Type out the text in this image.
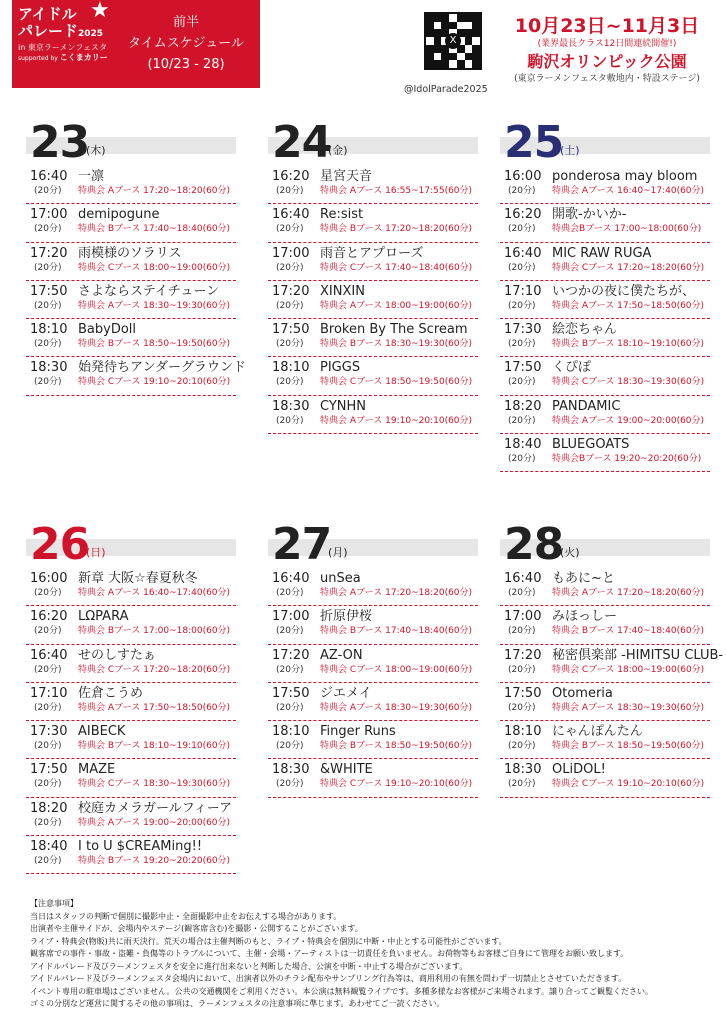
アイドル
パレード2025
in 東京ラーメンフェスタ
supported by こくまカリー
★	前半
タイムスケジュール
(10/23 - 28)
X
@IdolParade2025
10月23日~11月3日
(業界最長クラス12日間連続開催!)
駒沢オリンピック公園
(東京ラーメンフェスタ敷地内・特設ステージ)
23
(木)
16:40
(20分)
一凛
特典会 Aブース 17:20~18:20(60分)
17:00
(20分)
demipogune
特典会 Bブース 17:40~18:40(60分)
17:20
(20分)
雨模様のソラリス
特典会 Cブース 18:00~19:00(60分)
17:50
(20分)
さよならステイチューン
特典会 Aブース 18:30~19:30(60分)
18:10
(20分)
BabyDoll
特典会 Bブース 18:50~19:50(60分)
18:30
(20分)
始発待ちアンダーグラウンド
特典会 Cブース 19:10~20:10(60分)
24
(金)
16:20
(20分)
星宮天音
特典会 Aブース 16:55~17:55(60分)
16:40
(20分)
Re:sist
特典会 Bブース 17:20~18:20(60分)
17:00
(20分)
雨音とアプローズ
特典会 Cブース 17:40~18:40(60分)
17:20
(20分)
XINXIN
特典会 Aブース 18:00~19:00(60分)
17:50
(20分)
Broken By The Scream
特典会 Bブース 18:30~19:30(60分)
18:10
(20分)
PIGGS
特典会 Cブース 18:50~19:50(60分)
18:30
(20分)
CYNHN
特典会 Aブース 19:10~20:10(60分)
25
(土)
16:00
(20分)
ponderosa may bloom
特典会 Aブース 16:40~17:40(60分)
16:20
(20分)
開歌-かいか-
特典会Bブース 17:00~18:00(60分)
16:40
(20分)
MIC RAW RUGA
特典会 Cブース 17:20~18:20(60分)
17:10
(20分)
いつかの夜に僕たちが、
特典会 Aブース 17:50~18:50(60分)
17:30
(20分)
絵恋ちゃん
特典会 Bブース 18:10~19:10(60分)
17:50
(20分)
くぴぽ
特典会 Cブース 18:30~19:30(60分)
18:20
(20分)
PANDAMIC
特典会 Aブース 19:00~20:00(60分)
18:40
(20分)
BLUEGOATS
特典会Bブース 19:20~20:20(60分)
26
(日)
16:00
(20分)
新章 大阪☆春夏秋冬
特典会 Aブース 16:40~17:40(60分)
16:20
(20分)
LΩPARA
特典会 Bブース 17:00~18:00(60分)
16:40
(20分)
せのしすたぁ
特典会 Cブース 17:20~18:20(60分)
17:10
(20分)
佐倉こうめ
特典会 Aブース 17:50~18:50(60分)
17:30
(20分)
AIBECK
特典会 Bブース 18:10~19:10(60分)
17:50
(20分)
MAZE
特典会 Cブース 18:30~19:30(60分)
18:20
(20分)
校庭カメラガールフィーア
特典会 Aブース 19:00~20:00(60分)
18:40
(20分)
I to U $CREAMing!!
特典会 Bブース 19:20~20:20(60分)
27
(月)
16:40
(20分)
unSea
特典会 Aブース 17:20~18:20(60分)
17:00
(20分)
折原伊桜
特典会 Bブース 17:40~18:40(60分)
17:20
(20分)
AZ-ON
特典会 Cブース 18:00~19:00(60分)
17:50
(20分)
ジエメイ
特典会 Aブース 18:30~19:30(60分)
18:10
(20分)
Finger Runs
特典会 Bブース 18:50~19:50(60分)
18:30
(20分)
&WHITE
特典会 Cブース 19:10~20:10(60分)
28
(火)
16:40
(20分)
もあに~と
特典会 Aブース 17:20~18:20(60分)
17:00
(20分)
みほっしー
特典会 Bブース 17:40~18:40(60分)
17:20
(20分)
秘密倶楽部 -HIMITSU CLUB-
特典会 Cブース 18:00~19:00(60分)
17:50
(20分)
Otomeria
特典会 Aブース 18:30~19:30(60分)
18:10
(20分)
にゃんぽんたん
特典会 Bブース 18:50~19:50(60分)
18:30
(20分)
OLiDOL!
特典会 Cブース 19:10~20:10(60分)
【注意事項】
当日はスタッフの判断で個別に撮影中止・全面撮影中止をお伝えする場合があります。
出演者や主催サイドが、会場内やステージ(観客席含む)を撮影・公開することがございます。
ライブ・特典会(物販)共に雨天決行。荒天の場合は主催判断のもと、ライブ・特典会を個別に中断・中止とする可能性がございます。
観客席での事件・事故・盗難・負傷等のトラブルについて、主催・会場・アーティストは一切責任を負いません。お荷物等もお客様ご自身にて管理をお願い致します。
アイドルパレード及びラーメンフェスタを安全に進行出来ないと判断した場合、公演を中断・中止する場合がございます。
アイドルパレード及びラーメンフェスタ会場内において、出演者以外のチラシ配布やサンプリング行為等は、商用利用の有無を問わず一切禁止とさせていただきます。
イベント専用の駐車場はございません。公共の交通機関をご利用ください。本公演は無料観覧ライブです。多種多様なお客様がご来場されます。譲り合ってご観覧ください。
ゴミの分別など運営に関するその他の事項は、ラーメンフェスタの注意事項に準じます。あわせてご一読ください。
